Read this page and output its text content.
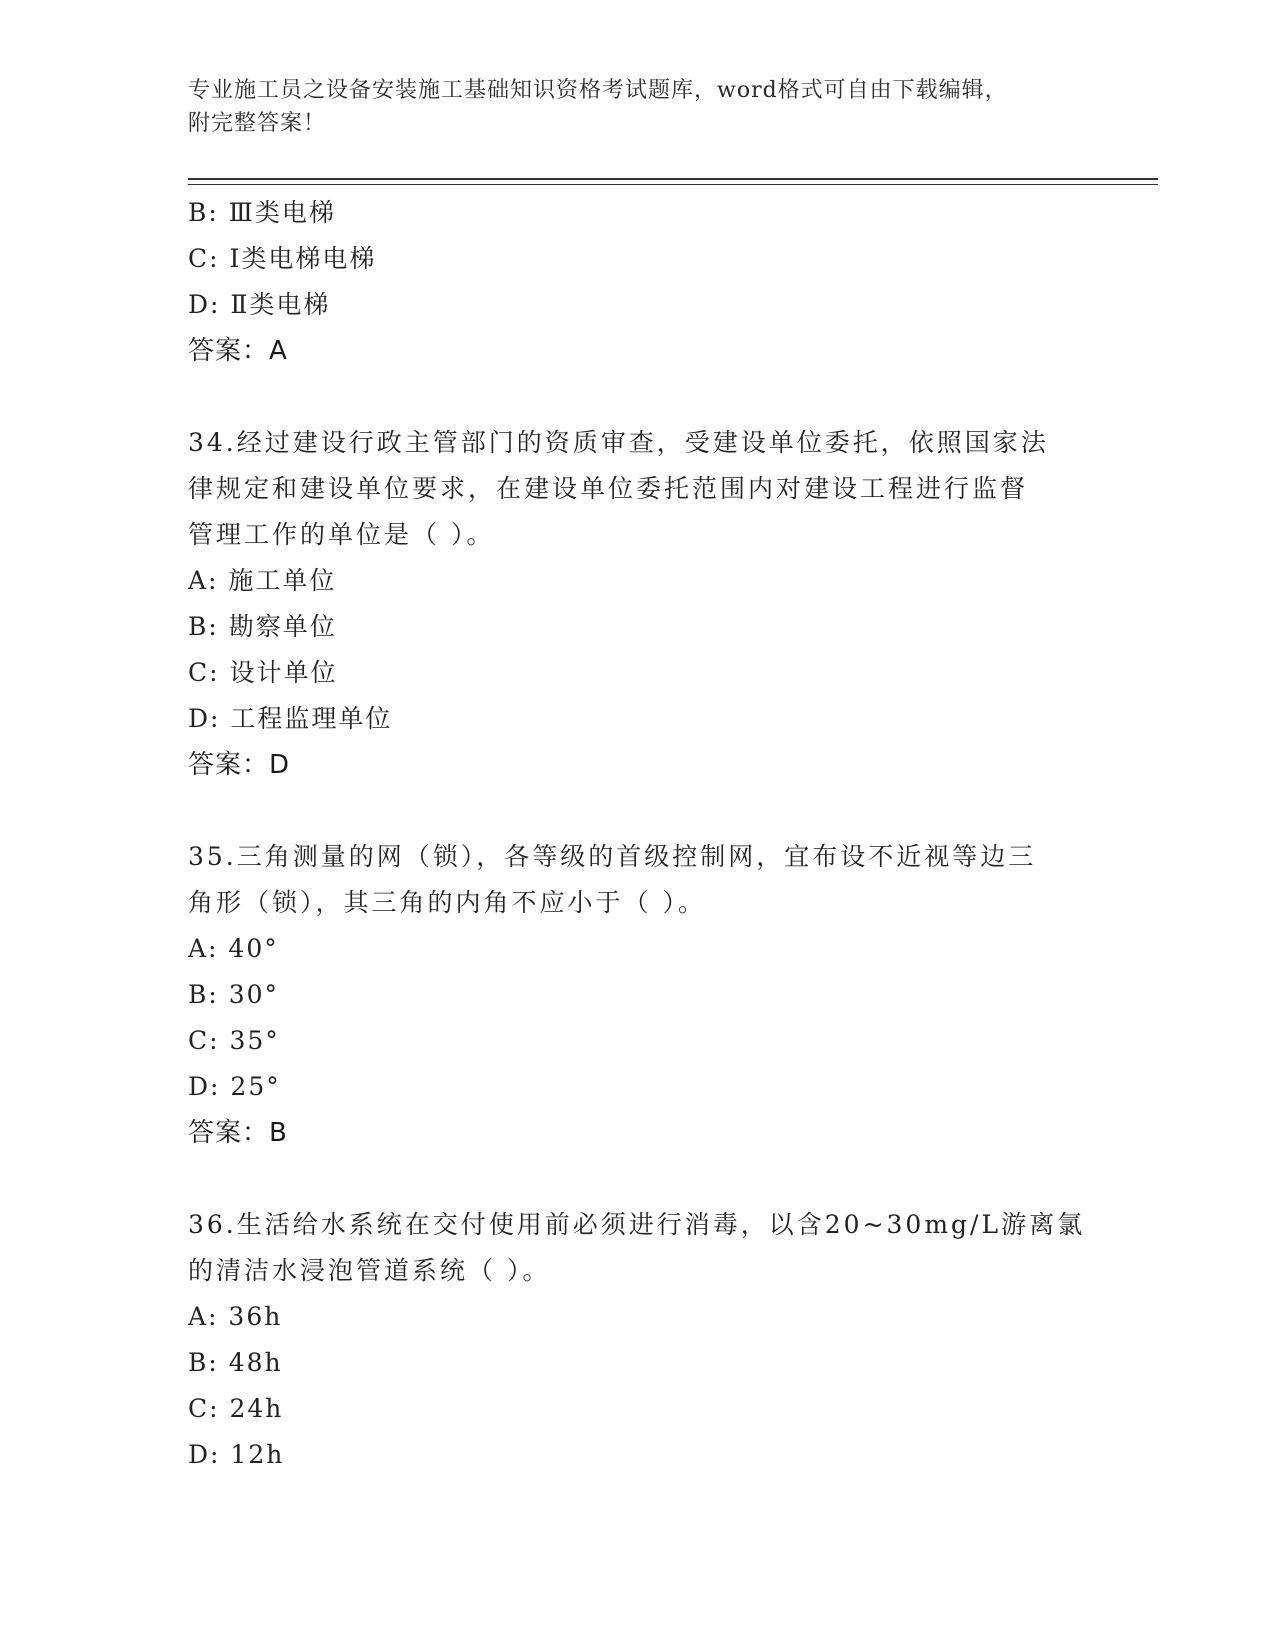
专业施工员之设备安装施工基础知识资格考试题库，word格式可自由下载编辑，
附完整答案！
B: Ⅲ类电梯
C: Ⅰ类电梯电梯
D: Ⅱ类电梯
答案：A
34.经过建设行政主管部门的资质审查，受建设单位委托，依照国家法
律规定和建设单位要求，在建设单位委托范围内对建设工程进行监督
管理工作的单位是（ ）。
A: 施工单位
B: 勘察单位
C: 设计单位
D: 工程监理单位
答案：D
35.三角测量的网（锁），各等级的首级控制网，宜布设不近视等边三
角形（锁），其三角的内角不应小于（ ）。
A: 40°
B: 30°
C: 35°
D: 25°
答案：B
36.生活给水系统在交付使用前必须进行消毒，以含20~30mg/L游离氯
的清洁水浸泡管道系统（ ）。
A: 36h
B: 48h
C: 24h
D: 12h
